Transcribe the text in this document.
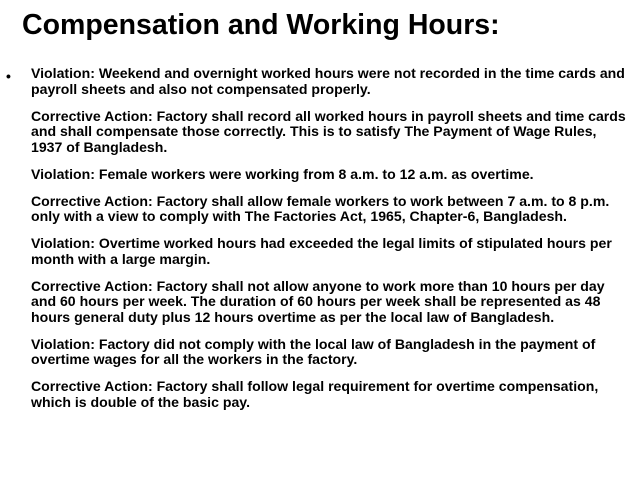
Compensation and Working Hours:
• Violation: Weekend and overnight worked hours were not recorded in the time cards and payroll sheets and also not compensated properly.

Corrective Action: Factory shall record all worked hours in payroll sheets and time cards and shall compensate those correctly. This is to satisfy The Payment of Wage Rules, 1937 of Bangladesh.

Violation: Female workers were working from 8 a.m. to 12 a.m. as overtime.

Corrective Action: Factory shall allow female workers to work between 7 a.m. to 8 p.m. only with a view to comply with The Factories Act, 1965, Chapter-6, Bangladesh.

Violation: Overtime worked hours had exceeded the legal limits of stipulated hours per month with a large margin.

Corrective Action: Factory shall not allow anyone to work more than 10 hours per day and 60 hours per week. The duration of 60 hours per week shall be represented as 48 hours general duty plus 12 hours overtime as per the local law of Bangladesh.

Violation: Factory did not comply with the local law of Bangladesh in the payment of overtime wages for all the workers in the factory.

Corrective Action: Factory shall follow legal requirement for overtime compensation, which is double of the basic pay.
